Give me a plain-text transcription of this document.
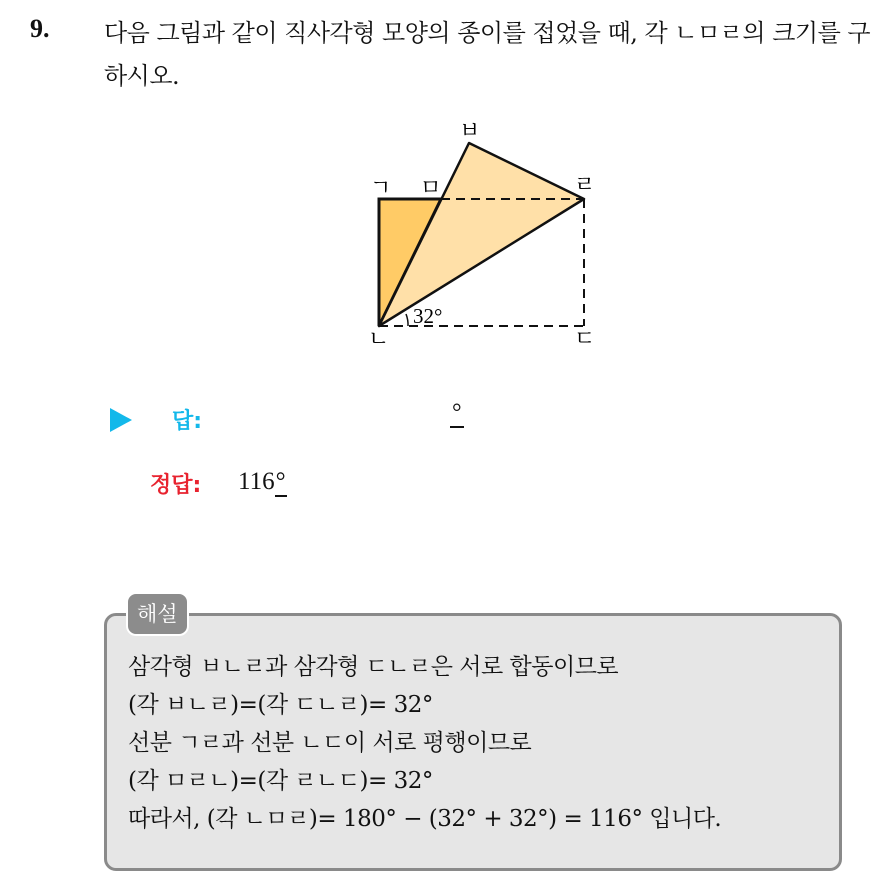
9. 다음 그림과 같이 직사각형 모양의 종이를 접었을 때, 각 ㄴㅁㄹ의 크기를 구하시오.
ㄱ ㅁ
ㅂ
ㄹ
ㄴ	ㄷ
32°
답:	°
정답: 116°
해설
삼각형 ㅂㄴㄹ과 삼각형 ㄷㄴㄹ은 서로 합동이므로
(각 ㅂㄴㄹ)=(각 ㄷㄴㄹ)= 32°
선분 ㄱㄹ과 선분 ㄴㄷ이 서로 평행이므로
(각 ㅁㄹㄴ)=(각 ㄹㄴㄷ)= 32°
따라서, (각 ㄴㅁㄹ)= 180° − (32° + 32°) = 116° 입니다.
